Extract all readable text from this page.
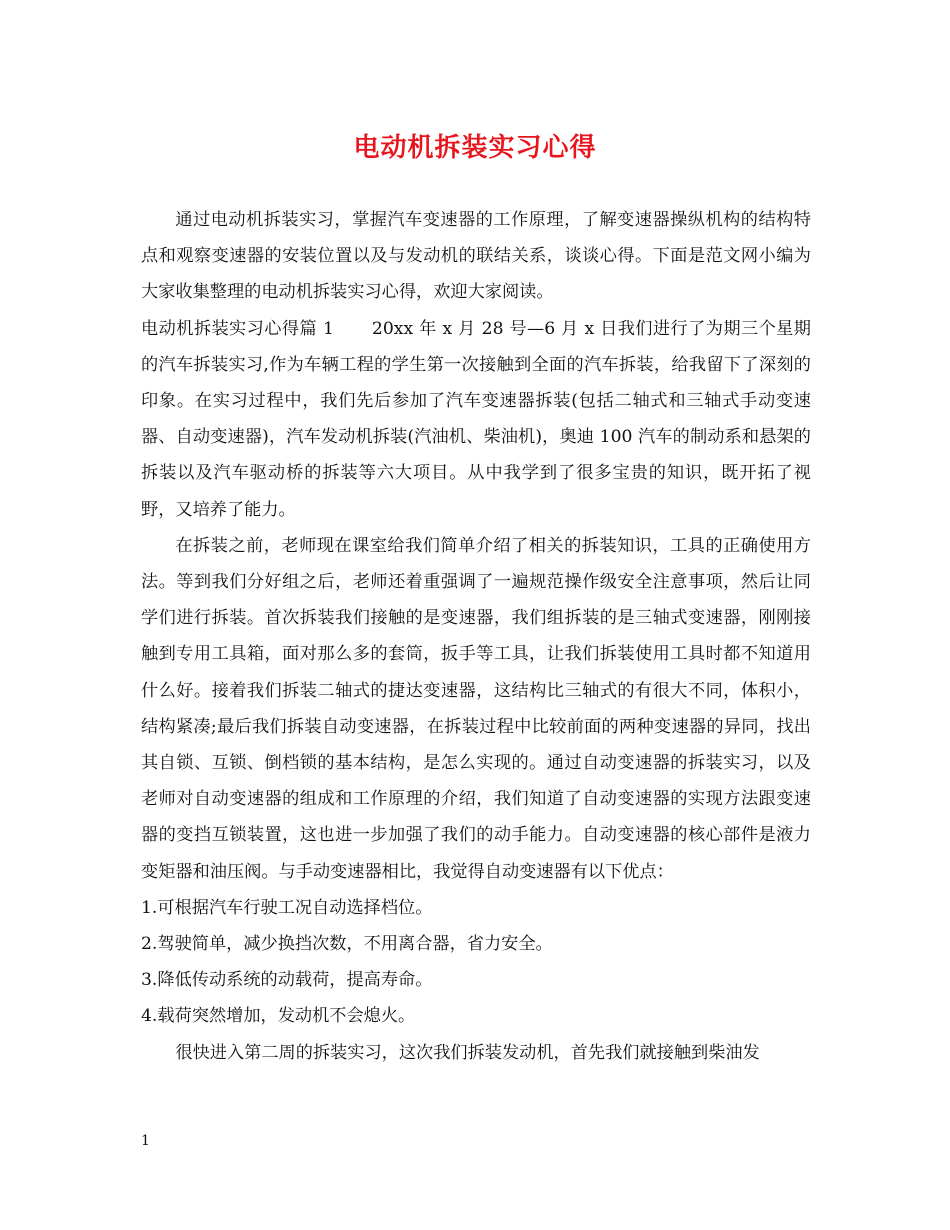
电动机拆装实习心得

通过电动机拆装实习，掌握汽车变速器的工作原理，了解变速器操纵机构的结构特点和观察变速器的安装位置以及与发动机的联结关系，谈谈心得。下面是范文网小编为大家收集整理的电动机拆装实习心得，欢迎大家阅读。

电动机拆装实习心得篇 1 20xx 年 x 月 28 号—6 月 x 日我们进行了为期三个星期的汽车拆装实习,作为车辆工程的学生第一次接触到全面的汽车拆装，给我留下了深刻的印象。在实习过程中，我们先后参加了汽车变速器拆装(包括二轴式和三轴式手动变速器、自动变速器)，汽车发动机拆装(汽油机、柴油机)，奥迪 100 汽车的制动系和悬架的拆装以及汽车驱动桥的拆装等六大项目。从中我学到了很多宝贵的知识，既开拓了视野，又培养了能力。

在拆装之前，老师现在课室给我们简单介绍了相关的拆装知识，工具的正确使用方法。等到我们分好组之后，老师还着重强调了一遍规范操作级安全注意事项，然后让同学们进行拆装。首次拆装我们接触的是变速器，我们组拆装的是三轴式变速器，刚刚接触到专用工具箱，面对那么多的套筒，扳手等工具，让我们拆装使用工具时都不知道用什么好。接着我们拆装二轴式的捷达变速器，这结构比三轴式的有很大不同，体积小，结构紧凑;最后我们拆装自动变速器，在拆装过程中比较前面的两种变速器的异同，找出其自锁、互锁、倒档锁的基本结构，是怎么实现的。通过自动变速器的拆装实习，以及老师对自动变速器的组成和工作原理的介绍，我们知道了自动变速器的实现方法跟变速器的变挡互锁装置，这也进一步加强了我们的动手能力。自动变速器的核心部件是液力变矩器和油压阀。与手动变速器相比，我觉得自动变速器有以下优点：

1.可根据汽车行驶工况自动选择档位。

2.驾驶简单，减少换挡次数，不用离合器，省力安全。

3.降低传动系统的动载荷，提高寿命。

4.载荷突然增加，发动机不会熄火。

很快进入第二周的拆装实习，这次我们拆装发动机，首先我们就接触到柴油发

1
